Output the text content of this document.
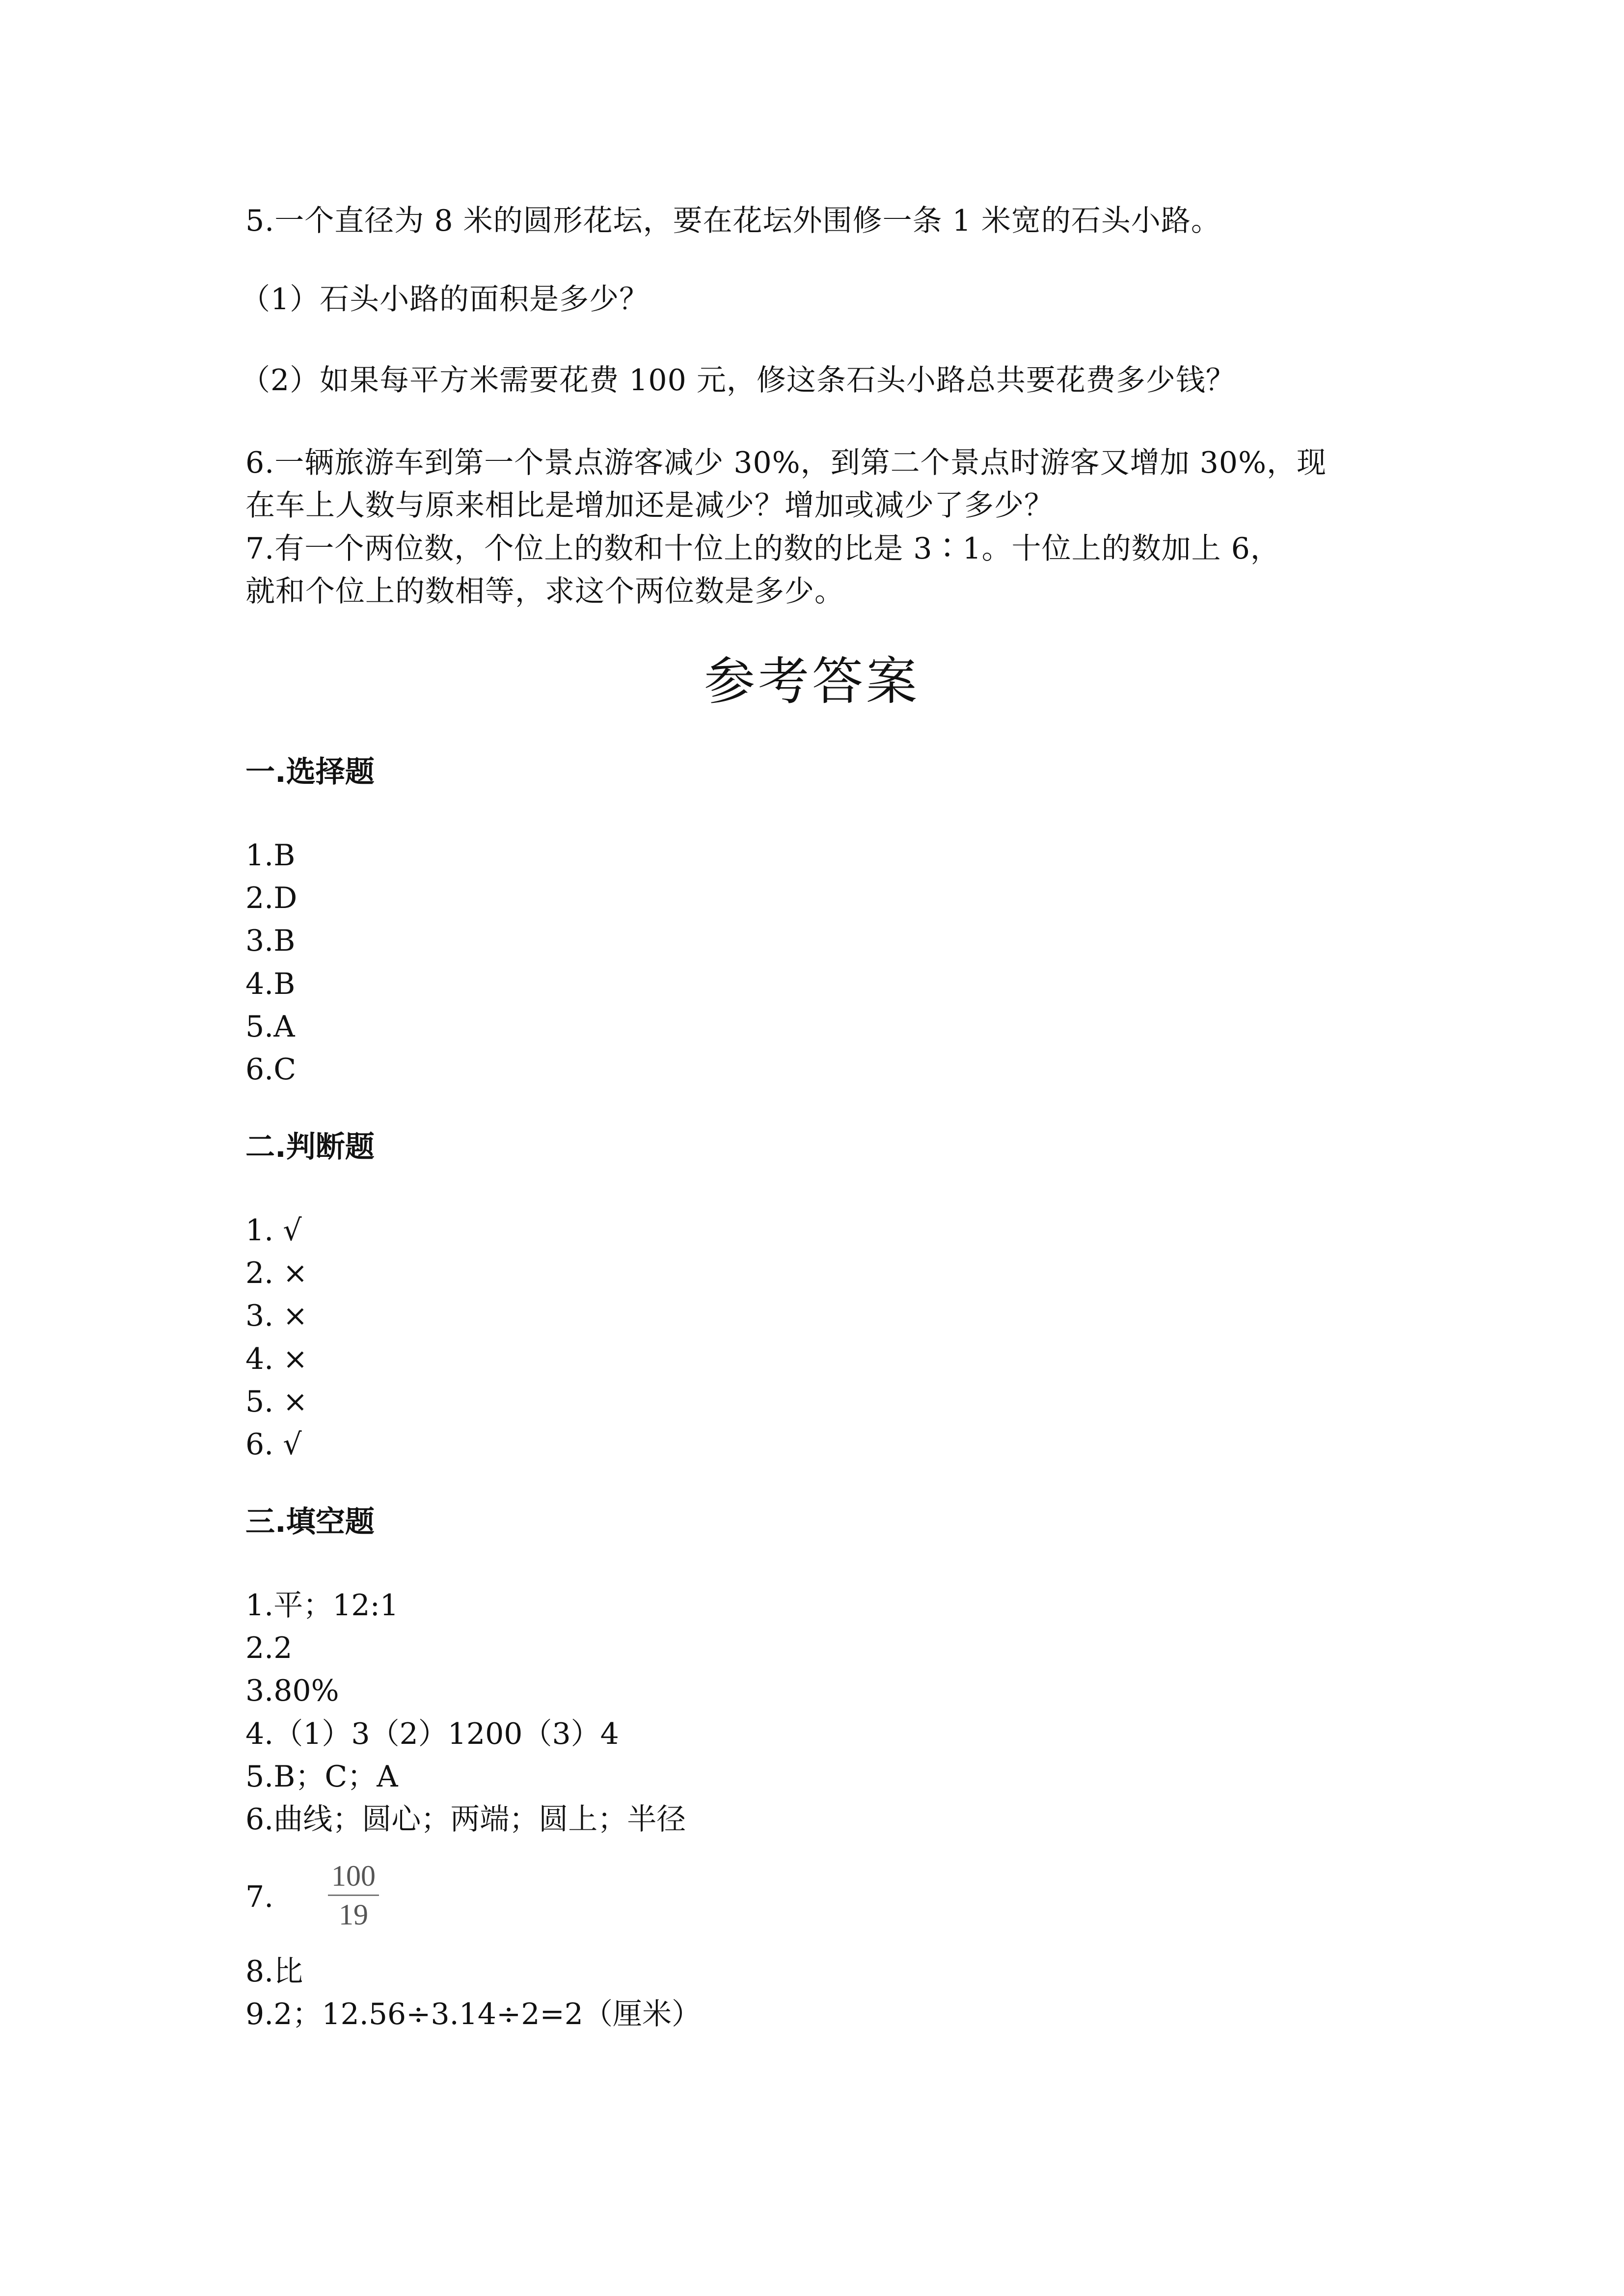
5.一个直径为 8 米的圆形花坛，要在花坛外围修一条 1 米宽的石头小路。
（1）石头小路的面积是多少？
（2）如果每平方米需要花费 100 元，修这条石头小路总共要花费多少钱？
6.一辆旅游车到第一个景点游客减少 30%，到第二个景点时游客又增加 30%，现
在车上人数与原来相比是增加还是减少？增加或减少了多少？
7.有一个两位数，个位上的数和十位上的数的比是 3∶1。十位上的数加上 6，
就和个位上的数相等，求这个两位数是多少。
参考答案
一.选择题
1.B
2.D
3.B
4.B
5.A
6.C
二.判断题
1. √
2. ×
3. ×
4. ×
5. ×
6. √
三.填空题
1.平；12:1
2.2
3.80%
4.（1）3（2）1200（3）4
5.B；C；A
6.曲线；圆心；两端；圆上；半径
7.
100
19
8.比
9.2；12.56÷3.14÷2=2（厘米）
